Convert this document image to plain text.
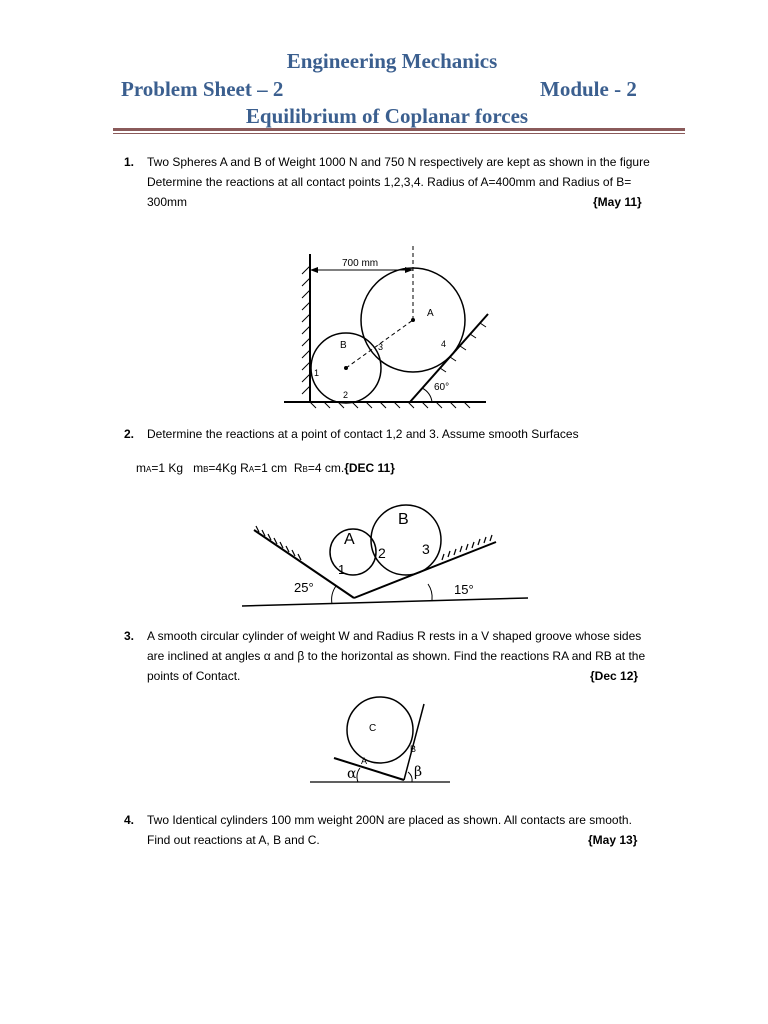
Engineering Mechanics
Problem Sheet – 2	Module - 2
Equilibrium of Coplanar forces
1. Two Spheres A and B of Weight 1000 N and 750 N respectively are kept as shown in the figure
Determine the reactions at all contact points 1,2,3,4. Radius of A=400mm and Radius of B=
300mm	{May 11}
60°
700 mm
A
B
1
2
3	4
2. Determine the reactions at a point of contact 1,2 and 3. Assume smooth Surfaces
mA=1 Kg mB=4Kg RA=1 cm RB=4 cm.{DEC 11}
A
B
1
2	3
25°	15°
3. A smooth circular cylinder of weight W and Radius R rests in a V shaped groove whose sides
are inclined at angles α and β to the horizontal as shown. Find the reactions RA and RB at the
points of Contact.	{Dec 12}
C
A
B
α	β
4. Two Identical cylinders 100 mm weight 200N are placed as shown. All contacts are smooth.
Find out reactions at A, B and C.	{May 13}
